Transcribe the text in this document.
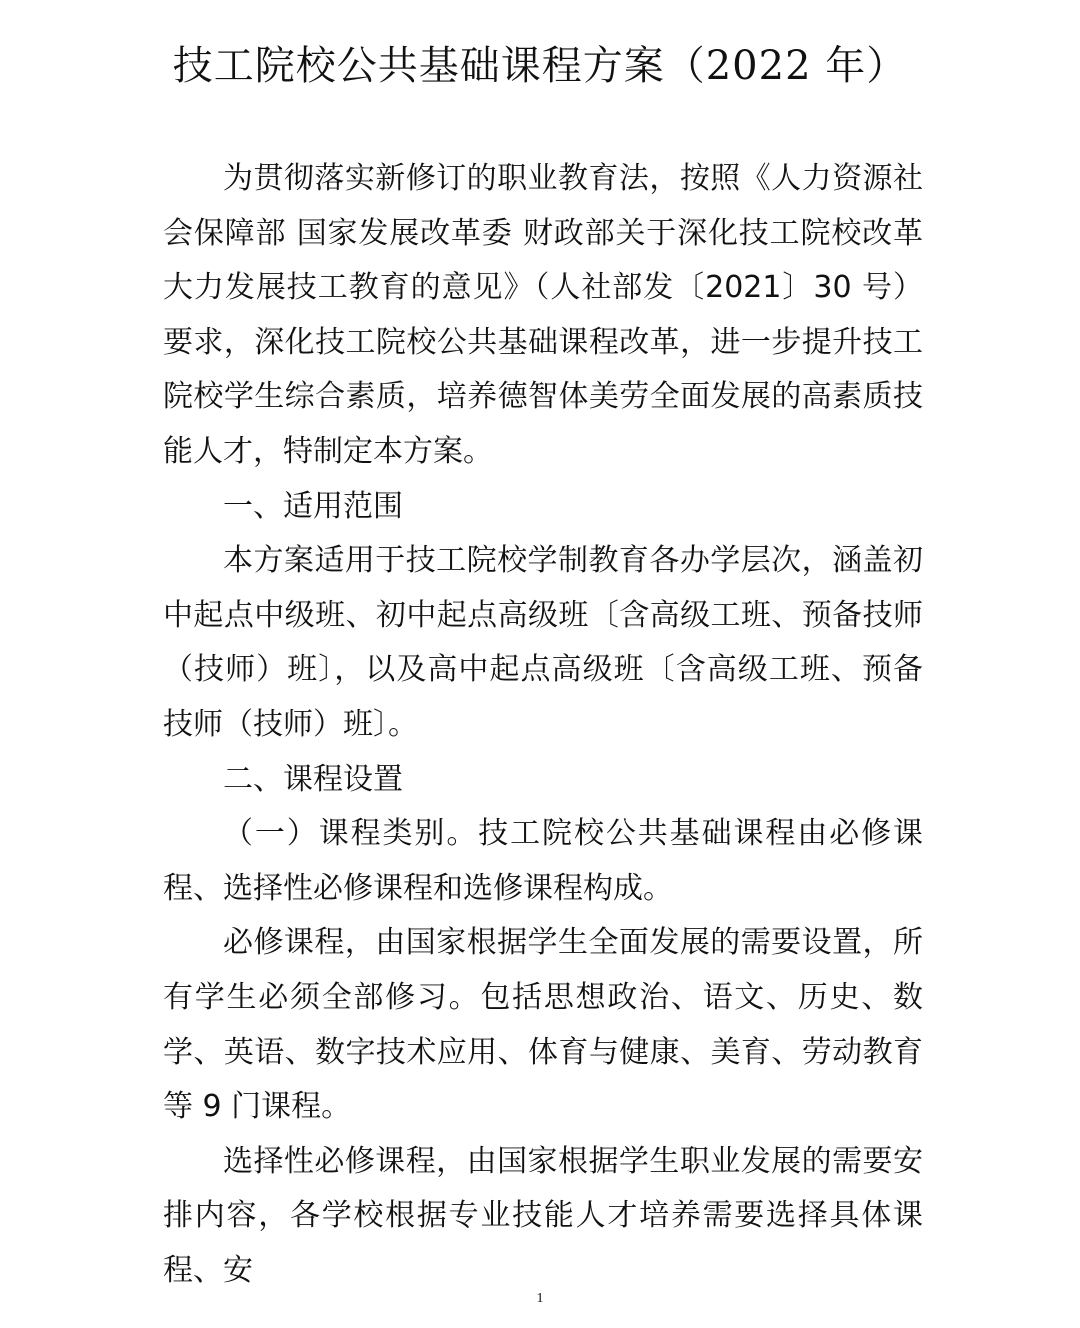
技工院校公共基础课程方案（2022 年）

为贯彻落实新修订的职业教育法，按照《人力资源社会保障部 国家发展改革委 财政部关于深化技工院校改革 大力发展技工教育的意见》（人社部发〔2021〕30 号）要求，深化技工院校公共基础课程改革，进一步提升技工院校学生综合素质，培养德智体美劳全面发展的高素质技能人才，特制定本方案。

一、适用范围

本方案适用于技工院校学制教育各办学层次，涵盖初中起点中级班、初中起点高级班〔含高级工班、预备技师（技师）班〕，以及高中起点高级班〔含高级工班、预备技师（技师）班〕。

二、课程设置

（一）课程类别。技工院校公共基础课程由必修课程、选择性必修课程和选修课程构成。

必修课程，由国家根据学生全面发展的需要设置，所有学生必须全部修习。包括思想政治、语文、历史、数学、英语、数字技术应用、体育与健康、美育、劳动教育等 9 门课程。

选择性必修课程，由国家根据学生职业发展的需要安排内容，各学校根据专业技能人才培养需要选择具体课程、安

1
